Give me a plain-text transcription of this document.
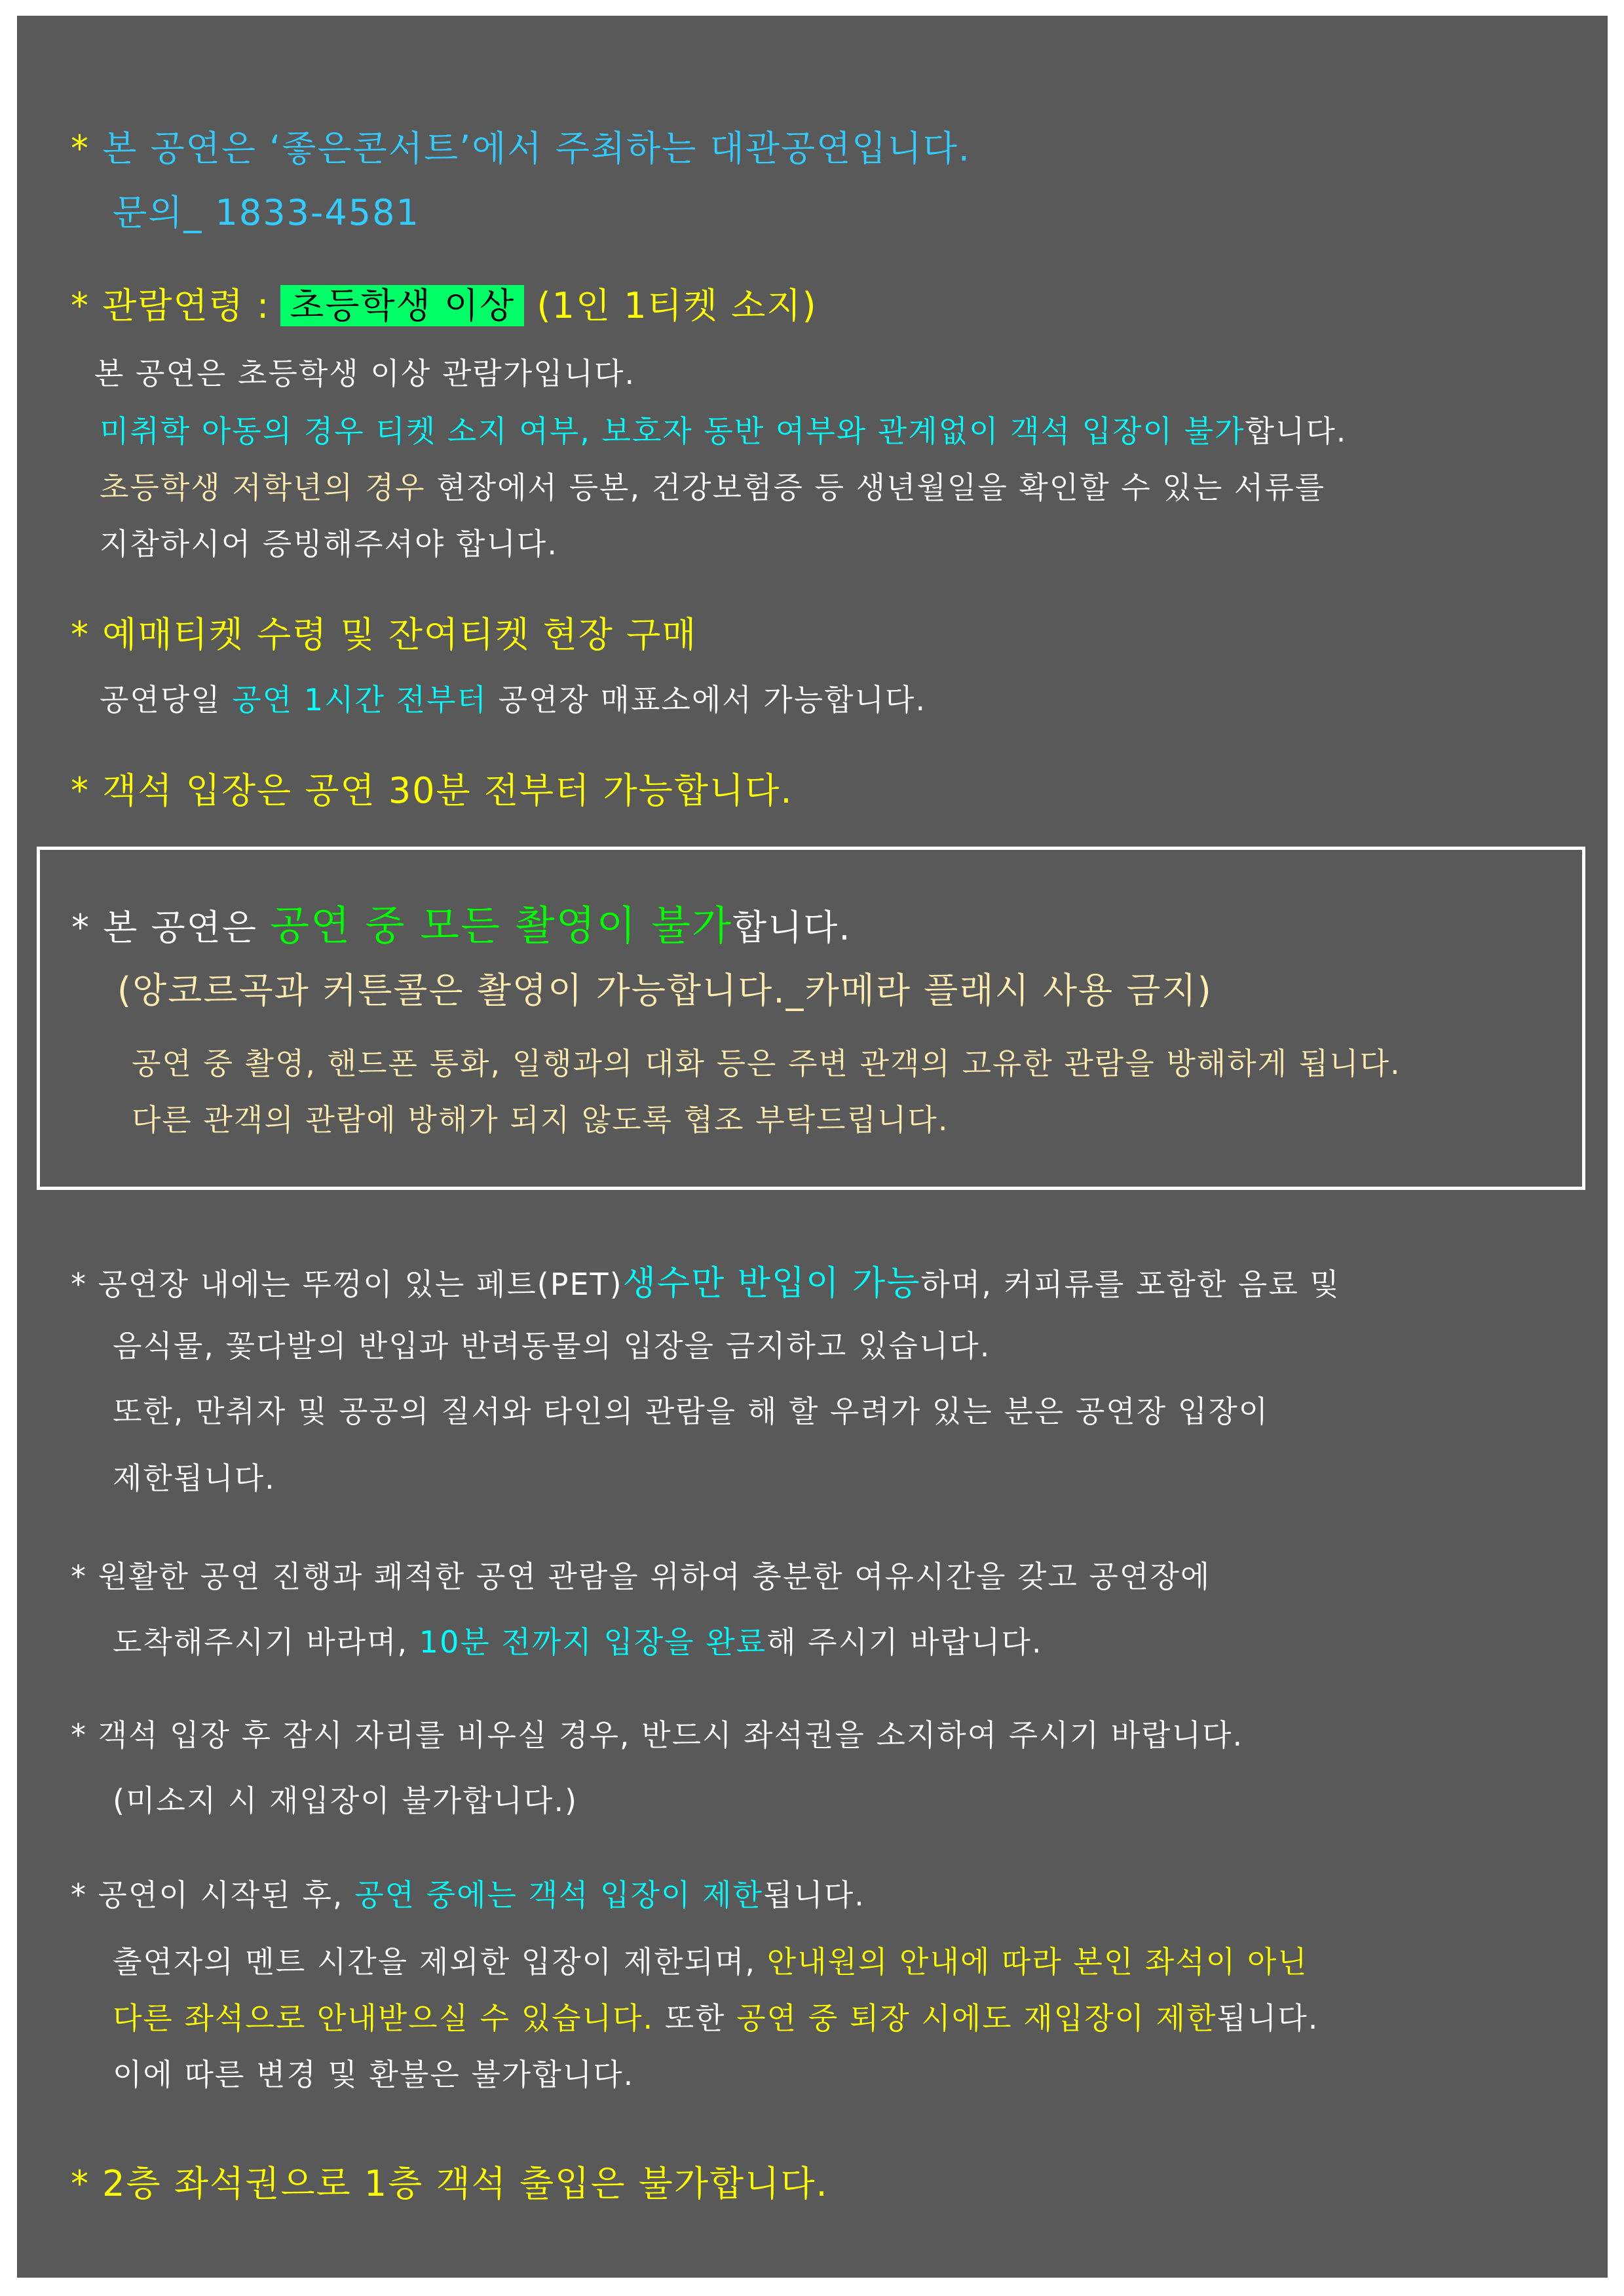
* 본 공연은 ‘좋은콘서트’에서 주최하는 대관공연입니다.
문의_ 1833-4581
* 관람연령 : 초등학생 이상 (1인 1티켓 소지)
본 공연은 초등학생 이상 관람가입니다.
미취학 아동의 경우 티켓 소지 여부, 보호자 동반 여부와 관계없이 객석 입장이 불가합니다.
초등학생 저학년의 경우 현장에서 등본, 건강보험증 등 생년월일을 확인할 수 있는 서류를
지참하시어 증빙해주셔야 합니다.
* 예매티켓 수령 및 잔여티켓 현장 구매
공연당일 공연 1시간 전부터 공연장 매표소에서 가능합니다.
* 객석 입장은 공연 30분 전부터 가능합니다.
* 본 공연은 공연 중 모든 촬영이 불가합니다.
(앙코르곡과 커튼콜은 촬영이 가능합니다._카메라 플래시 사용 금지)
공연 중 촬영, 핸드폰 통화, 일행과의 대화 등은 주변 관객의 고유한 관람을 방해하게 됩니다.
다른 관객의 관람에 방해가 되지 않도록 협조 부탁드립니다.
* 공연장 내에는 뚜껑이 있는 페트(PET)생수만 반입이 가능하며, 커피류를 포함한 음료 및
음식물, 꽃다발의 반입과 반려동물의 입장을 금지하고 있습니다.
또한, 만취자 및 공공의 질서와 타인의 관람을 해 할 우려가 있는 분은 공연장 입장이
제한됩니다.
* 원활한 공연 진행과 쾌적한 공연 관람을 위하여 충분한 여유시간을 갖고 공연장에
도착해주시기 바라며, 10분 전까지 입장을 완료해 주시기 바랍니다.
* 객석 입장 후 잠시 자리를 비우실 경우, 반드시 좌석권을 소지하여 주시기 바랍니다.
(미소지 시 재입장이 불가합니다.)
* 공연이 시작된 후, 공연 중에는 객석 입장이 제한됩니다.
출연자의 멘트 시간을 제외한 입장이 제한되며, 안내원의 안내에 따라 본인 좌석이 아닌
다른 좌석으로 안내받으실 수 있습니다. 또한 공연 중 퇴장 시에도 재입장이 제한됩니다.
이에 따른 변경 및 환불은 불가합니다.
* 2층 좌석권으로 1층 객석 출입은 불가합니다.
